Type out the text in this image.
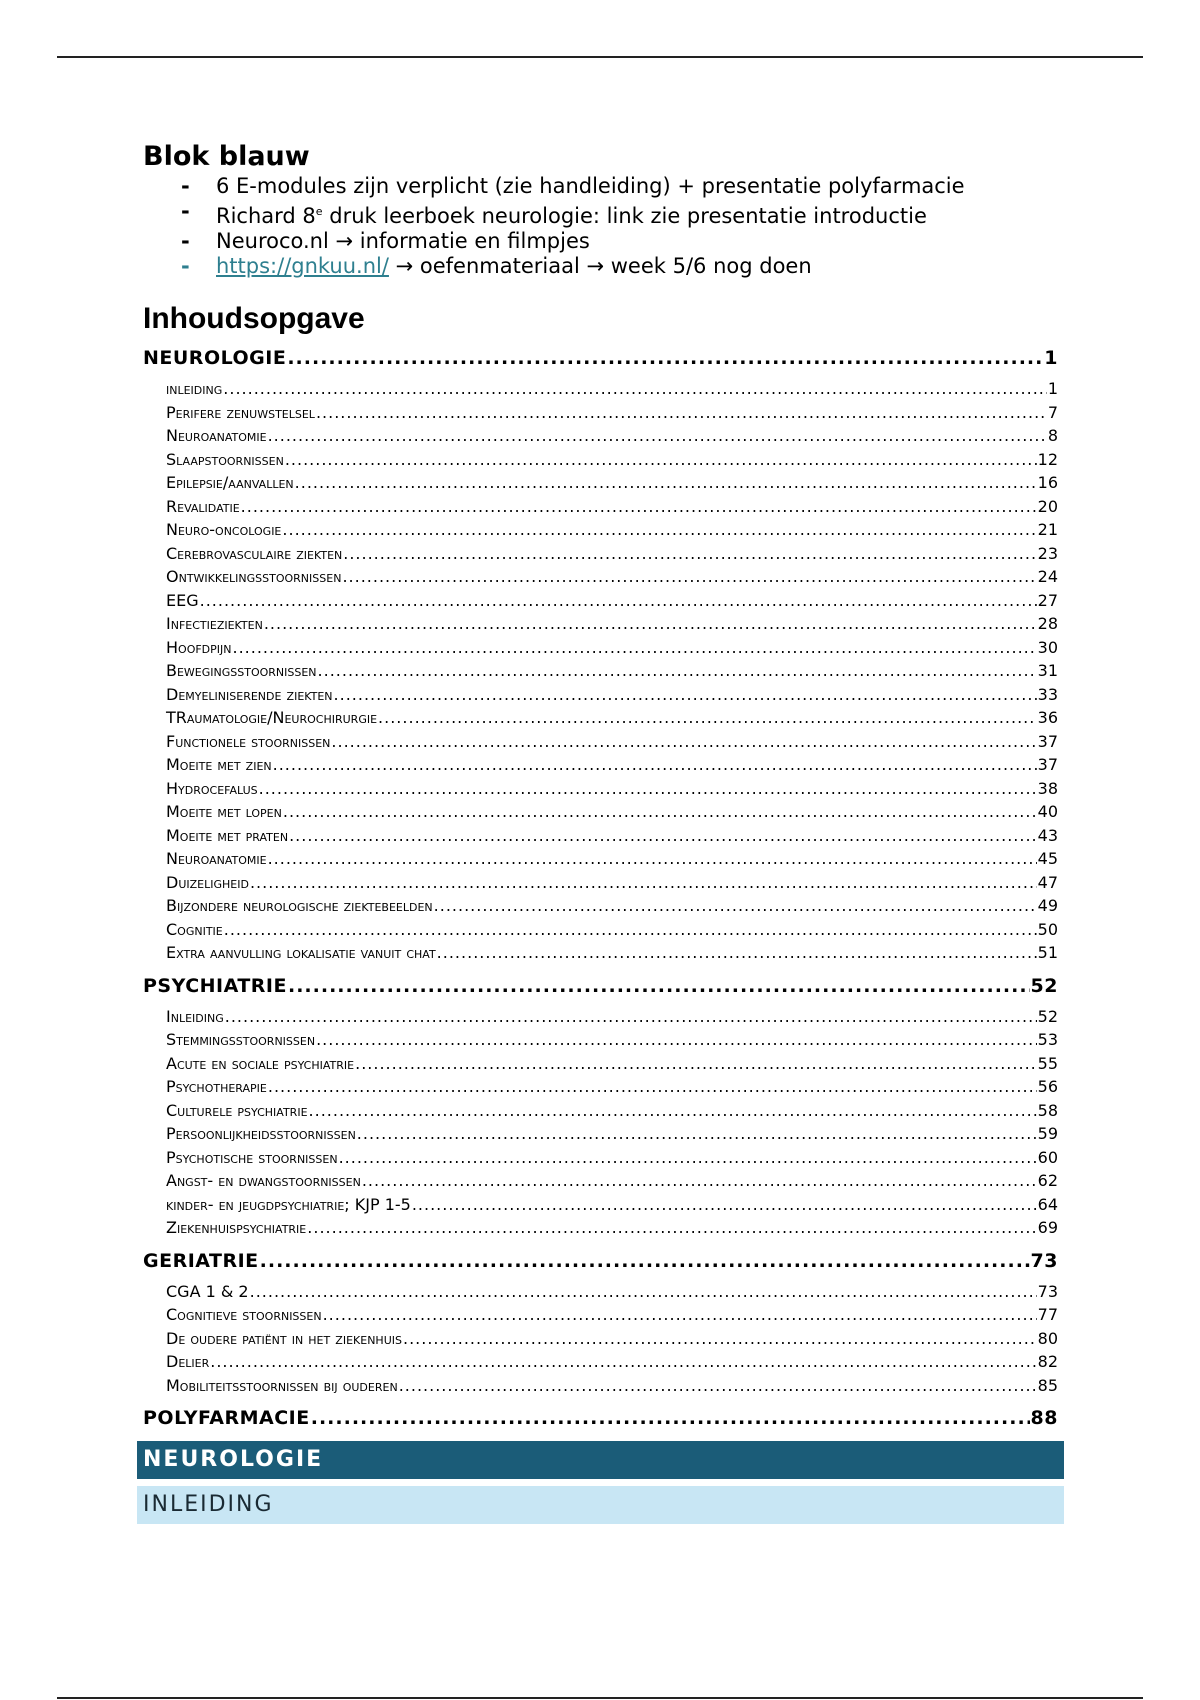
Blok blauw
- 6 E-modules zijn verplicht (zie handleiding) + presentatie polyfarmacie
- Richard 8e druk leerboek neurologie: link zie presentatie introductie
- Neuroco.nl → informatie en filmpjes
- https://gnkuu.nl/ → oefenmateriaal → week 5/6 nog doen
Inhoudsopgave
NEUROLOGIE .....	1
inleiding .....	1
Perifere zenuwstelsel .....	7
Neuroanatomie .....	8
Slaapstoornissen .....	12
Epilepsie/aanvallen .....	16
Revalidatie .....	20
Neuro-oncologie .....	21
Cerebrovasculaire ziekten .....	23
Ontwikkelingsstoornissen .....	24
EEG .....	27
Infectieziekten .....	28
Hoofdpijn .....	30
Bewegingsstoornissen .....	31
Demyeliniserende ziekten .....	33
TRaumatologie/Neurochirurgie .....	36
Functionele stoornissen .....	37
Moeite met zien .....	37
Hydrocefalus .....	38
Moeite met lopen .....	40
Moeite met praten .....	43
Neuroanatomie .....	45
Duizeligheid .....	47
Bijzondere neurologische ziektebeelden .....	49
Cognitie .....	50
Extra aanvulling lokalisatie vanuit chat .....	51
PSYCHIATRIE .....	52
Inleiding .....	52
Stemmingsstoornissen .....	53
Acute en sociale psychiatrie .....	55
Psychotherapie .....	56
Culturele psychiatrie .....	58
Persoonlijkheidsstoornissen .....	59
Psychotische stoornissen .....	60
Angst- en dwangstoornissen .....	62
kinder- en jeugdpsychiatrie; KJP 1-5 .....	64
Ziekenhuispsychiatrie .....	69
GERIATRIE .....	73
CGA 1 & 2 .....	73
Cognitieve stoornissen .....	77
De oudere patiënt in het ziekenhuis .....	80
Delier .....	82
Mobiliteitsstoornissen bij ouderen .....	85
POLYFARMACIE .....	88
NEUROLOGIE
INLEIDING
